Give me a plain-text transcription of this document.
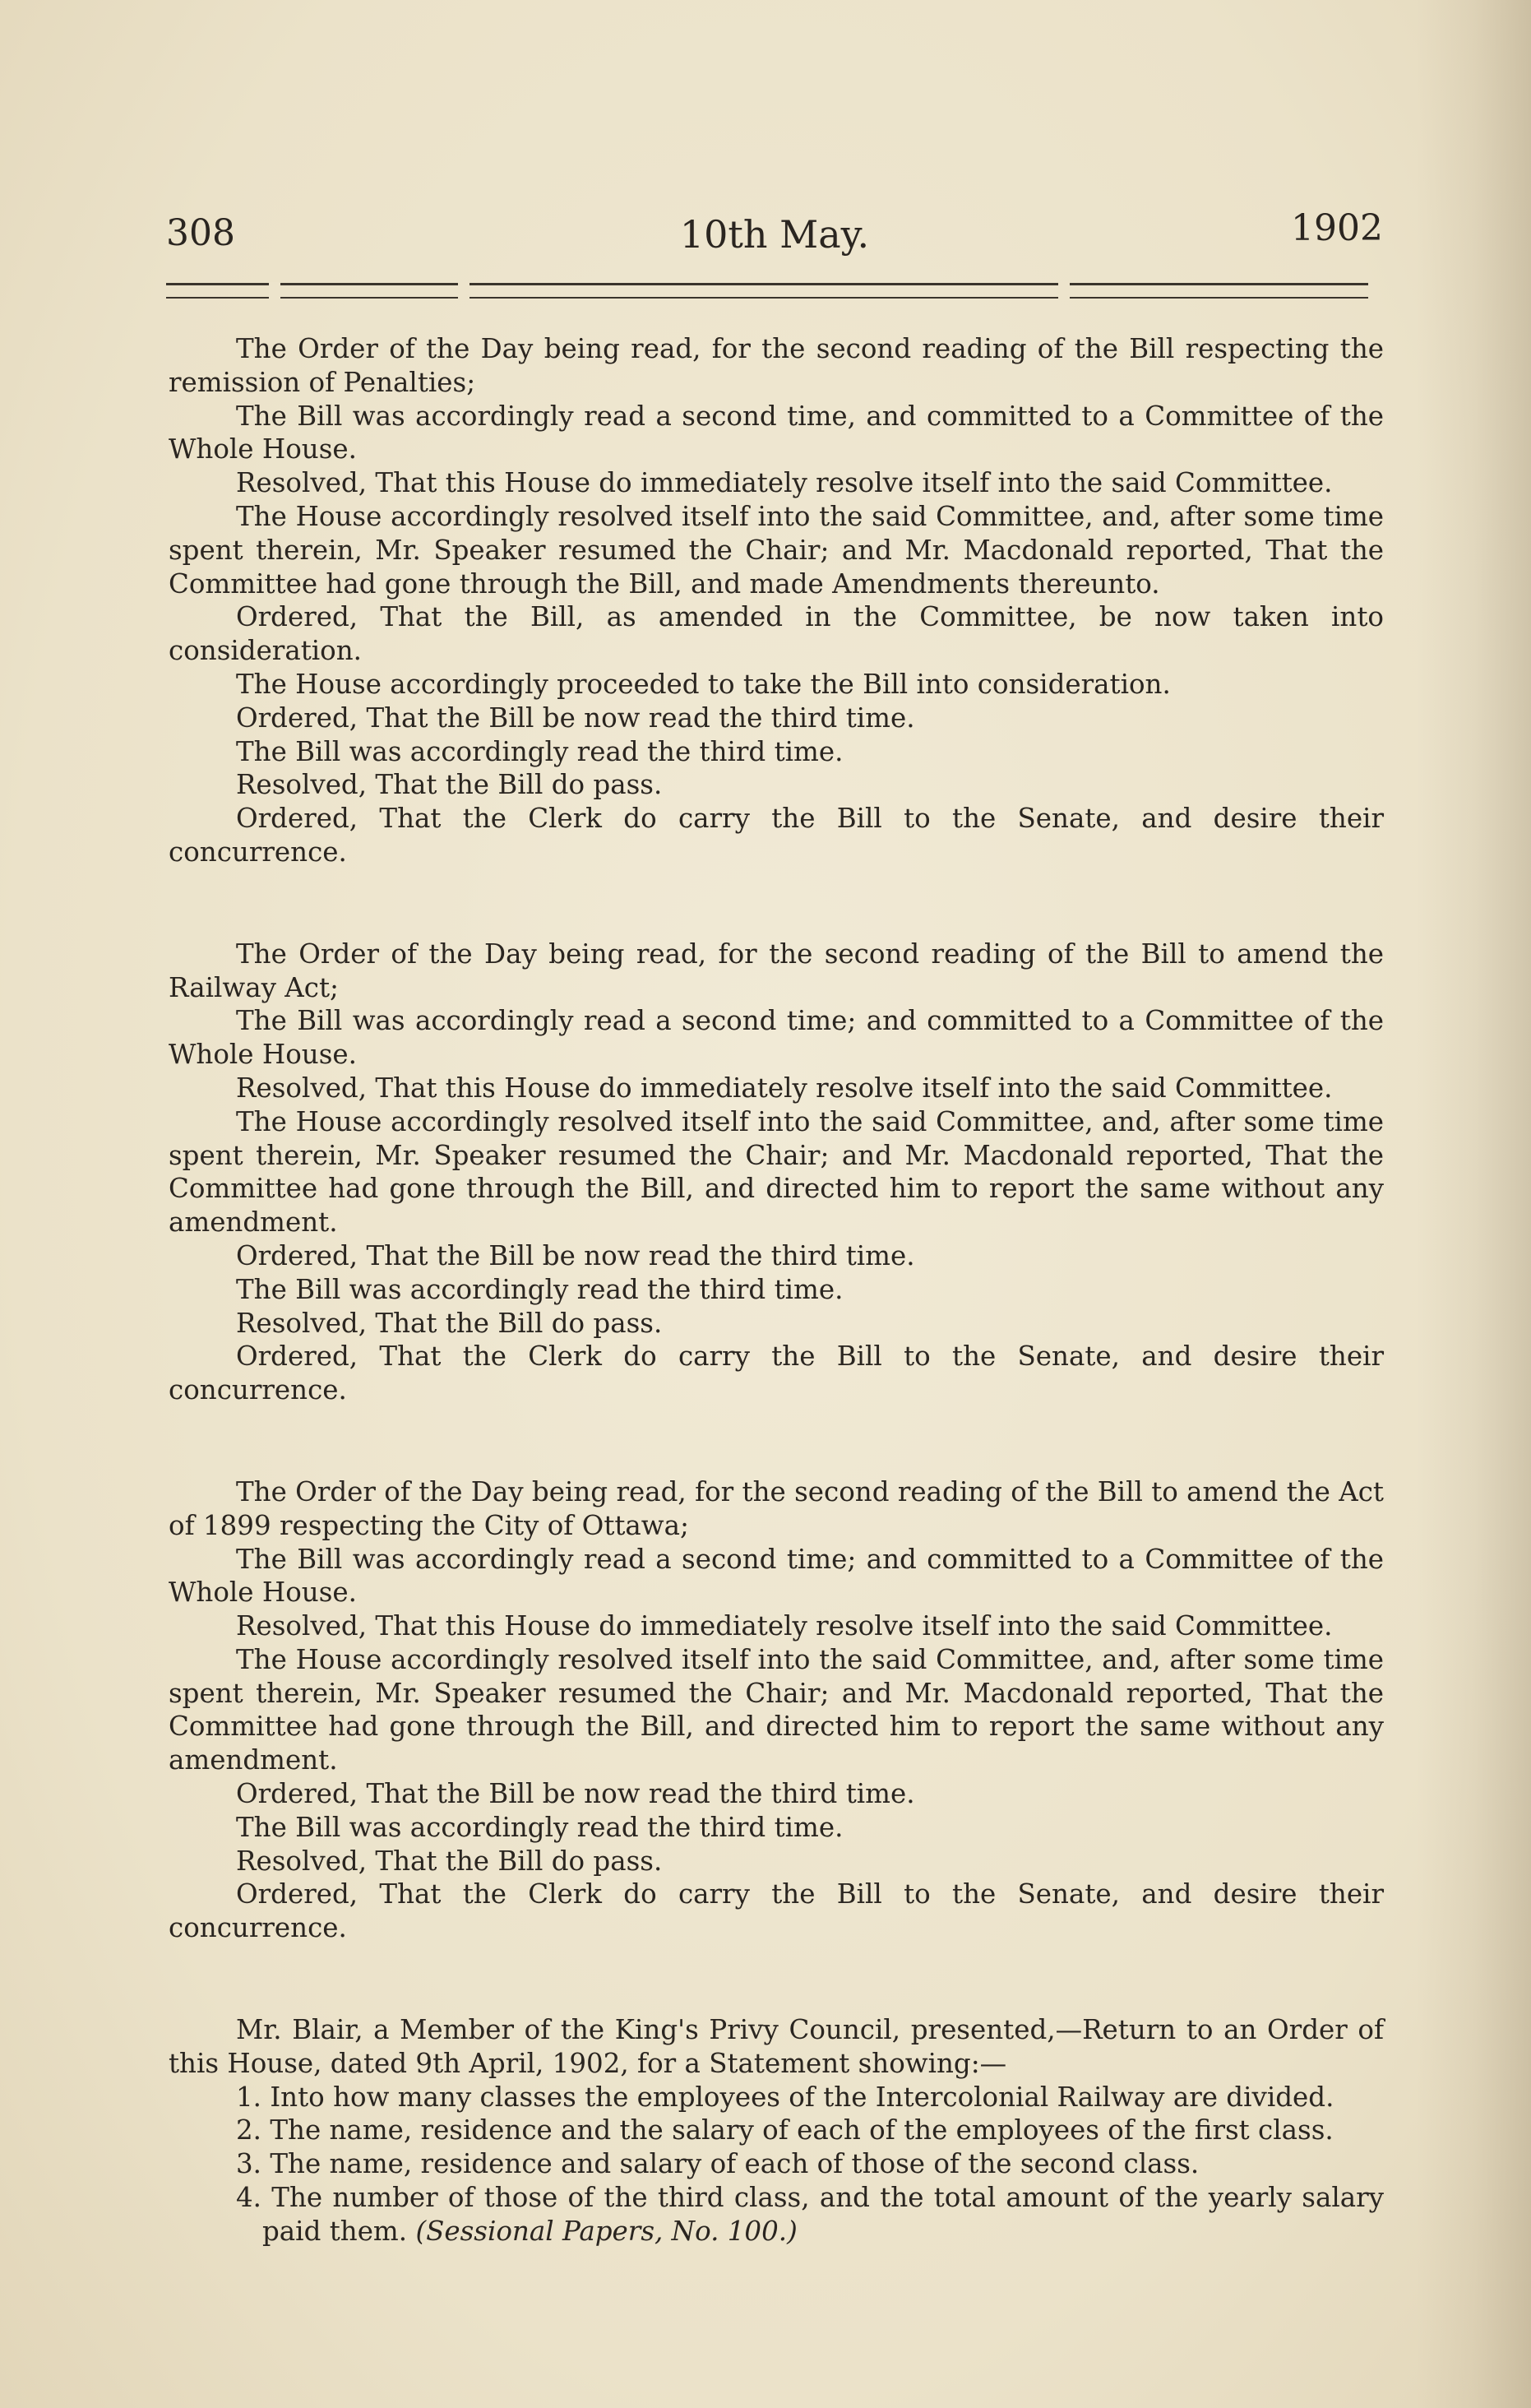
308	10th May.	1902

The Order of the Day being read, for the second reading of the Bill respecting the remission of Penalties;

The Bill was accordingly read a second time, and committed to a Committee of the Whole House.

Resolved, That this House do immediately resolve itself into the said Committee.

The House accordingly resolved itself into the said Committee, and, after some time spent therein, Mr. Speaker resumed the Chair; and Mr. Macdonald reported, That the Committee had gone through the Bill, and made Amendments thereunto.

Ordered, That the Bill, as amended in the Committee, be now taken into consideration.

The House accordingly proceeded to take the Bill into consideration.

Ordered, That the Bill be now read the third time.

The Bill was accordingly read the third time.

Resolved, That the Bill do pass.

Ordered, That the Clerk do carry the Bill to the Senate, and desire their concurrence.

The Order of the Day being read, for the second reading of the Bill to amend the Railway Act;

The Bill was accordingly read a second time; and committed to a Committee of the Whole House.

Resolved, That this House do immediately resolve itself into the said Committee.

The House accordingly resolved itself into the said Committee, and, after some time spent therein, Mr. Speaker resumed the Chair; and Mr. Macdonald reported, That the Committee had gone through the Bill, and directed him to report the same without any amendment.

Ordered, That the Bill be now read the third time.

The Bill was accordingly read the third time.

Resolved, That the Bill do pass.

Ordered, That the Clerk do carry the Bill to the Senate, and desire their concurrence.

The Order of the Day being read, for the second reading of the Bill to amend the Act of 1899 respecting the City of Ottawa;

The Bill was accordingly read a second time; and committed to a Committee of the Whole House.

Resolved, That this House do immediately resolve itself into the said Committee.

The House accordingly resolved itself into the said Committee, and, after some time spent therein, Mr. Speaker resumed the Chair; and Mr. Macdonald reported, That the Committee had gone through the Bill, and directed him to report the same without any amendment.

Ordered, That the Bill be now read the third time.

The Bill was accordingly read the third time.

Resolved, That the Bill do pass.

Ordered, That the Clerk do carry the Bill to the Senate, and desire their concurrence.

Mr. Blair, a Member of the King's Privy Council, presented,—Return to an Order of this House, dated 9th April, 1902, for a Statement showing:—

1. Into how many classes the employees of the Intercolonial Railway are divided.

2. The name, residence and the salary of each of the employees of the first class.

3. The name, residence and salary of each of those of the second class.

4. The number of those of the third class, and the total amount of the yearly salary paid them. (Sessional Papers, No. 100.)
